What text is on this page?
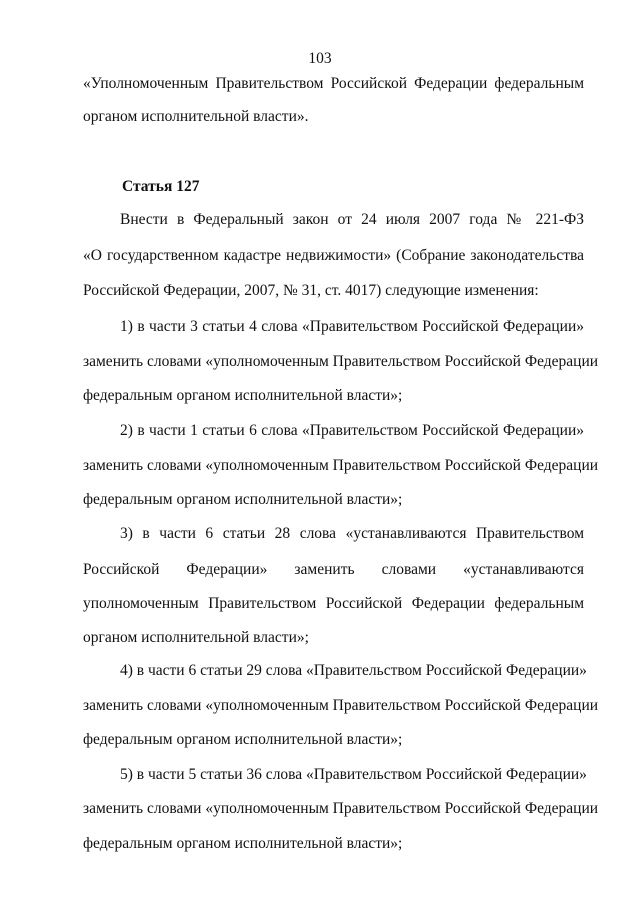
103
«Уполномоченным Правительством Российской Федерации федеральным
органом исполнительной власти».
Статья 127
Внести в Федеральный закон от 24 июля 2007 года № 221-ФЗ
«О государственном кадастре недвижимости» (Собрание законодательства
Российской Федерации, 2007, № 31, ст. 4017) следующие изменения:
1) в части 3 статьи 4 слова «Правительством Российской Федерации»
заменить словами «уполномоченным Правительством Российской Федерации
федеральным органом исполнительной власти»;
2) в части 1 статьи 6 слова «Правительством Российской Федерации»
заменить словами «уполномоченным Правительством Российской Федерации
федеральным органом исполнительной власти»;
3) в части 6 статьи 28 слова «устанавливаются Правительством
Российской Федерации» заменить словами «устанавливаются
уполномоченным Правительством Российской Федерации федеральным
органом исполнительной власти»;
4) в части 6 статьи 29 слова «Правительством Российской Федерации»
заменить словами «уполномоченным Правительством Российской Федерации
федеральным органом исполнительной власти»;
5) в части 5 статьи 36 слова «Правительством Российской Федерации»
заменить словами «уполномоченным Правительством Российской Федерации
федеральным органом исполнительной власти»;
